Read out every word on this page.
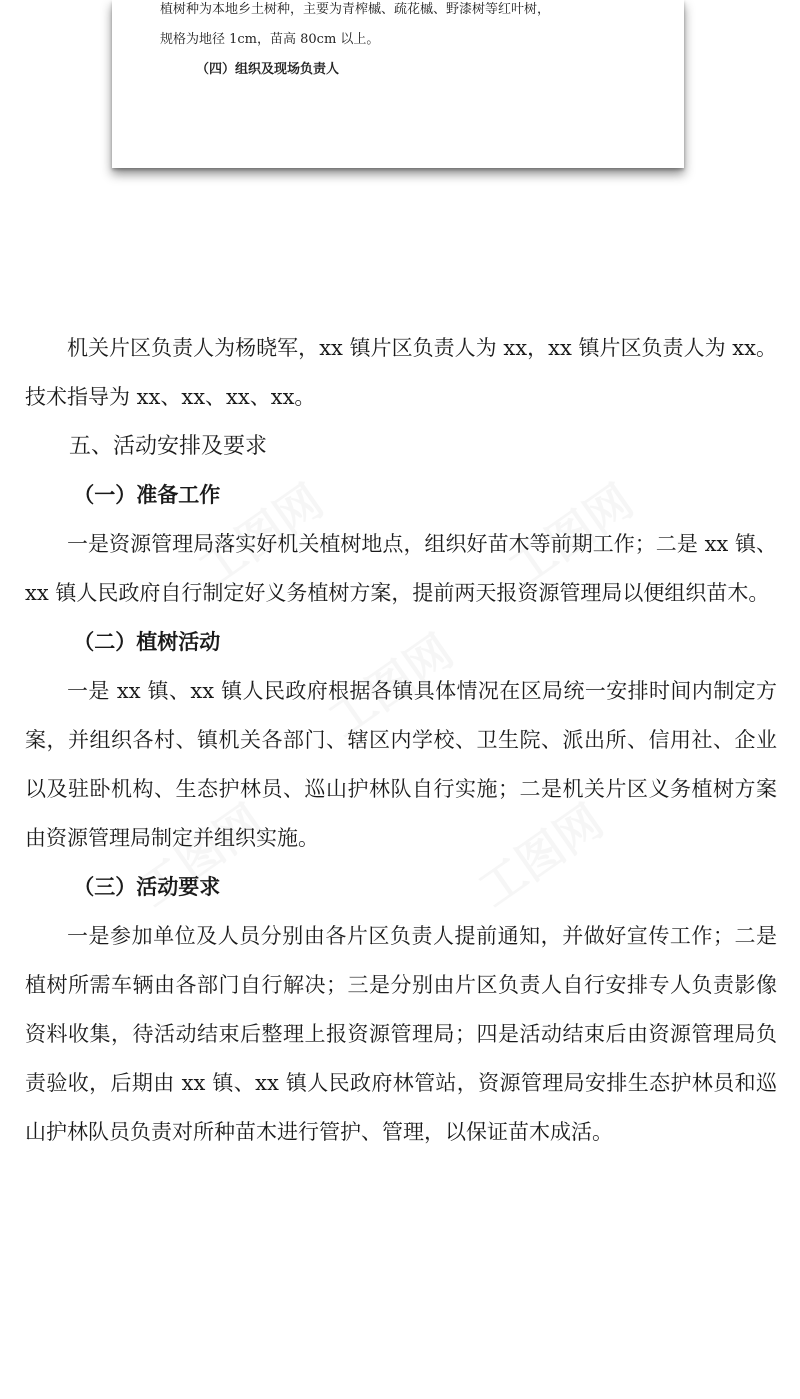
植树种为本地乡土树种，主要为青榨槭、疏花槭、野漆树等红叶树，
规格为地径 1cm，苗高 80cm 以上。
（四）组织及现场负责人

机关片区负责人为杨晓军，xx 镇片区负责人为 xx，xx 镇片区负责人为 xx。技术指导为 xx、xx、xx、xx。

五、活动安排及要求

（一）准备工作

一是资源管理局落实好机关植树地点，组织好苗木等前期工作；二是 xx 镇、xx 镇人民政府自行制定好义务植树方案，提前两天报资源管理局以便组织苗木。

（二）植树活动

一是 xx 镇、xx 镇人民政府根据各镇具体情况在区局统一安排时间内制定方案，并组织各村、镇机关各部门、辖区内学校、卫生院、派出所、信用社、企业以及驻卧机构、生态护林员、巡山护林队自行实施；二是机关片区义务植树方案由资源管理局制定并组织实施。

（三）活动要求

一是参加单位及人员分别由各片区负责人提前通知，并做好宣传工作；二是植树所需车辆由各部门自行解决；三是分别由片区负责人自行安排专人负责影像资料收集，待活动结束后整理上报资源管理局；四是活动结束后由资源管理局负责验收，后期由 xx 镇、xx 镇人民政府林管站，资源管理局安排生态护林员和巡山护林队员负责对所种苗木进行管护、管理，以保证苗木成活。
